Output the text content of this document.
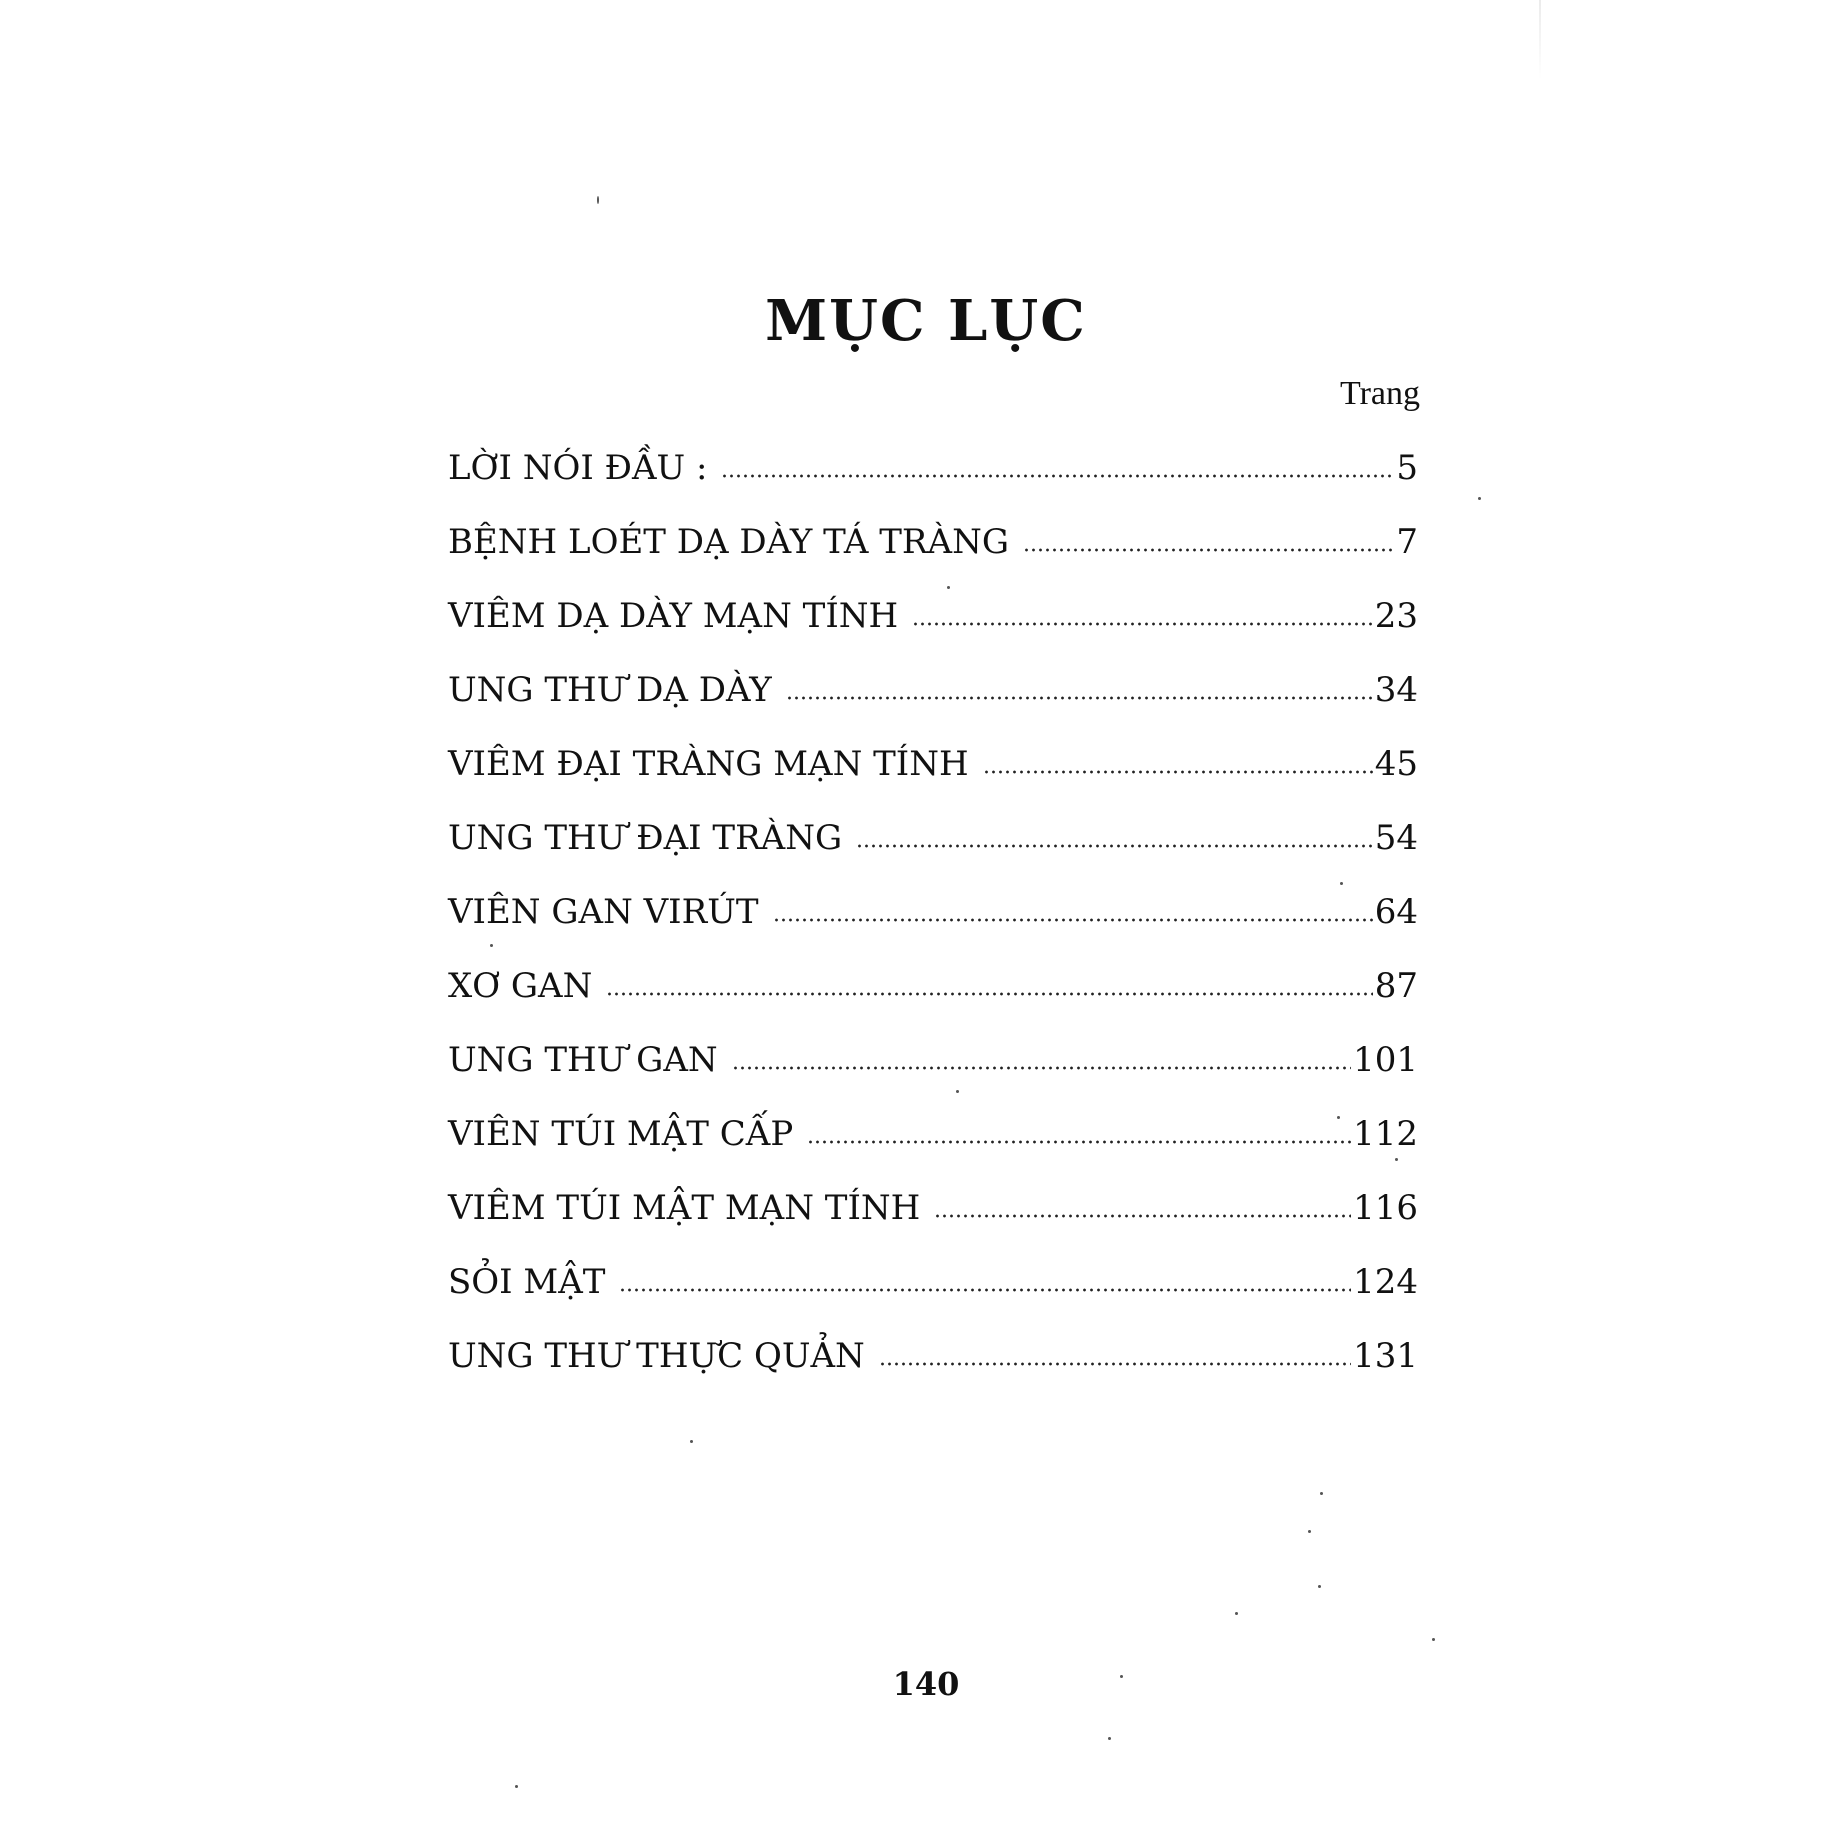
MỤC LỤC
Trang
LỜI NÓI ĐẦU :	5
BỆNH LOÉT DẠ DÀY TÁ TRÀNG	7
VIÊM DẠ DÀY MẠN TÍNH	23
UNG THƯ DẠ DÀY	34
VIÊM ĐẠI TRÀNG MẠN TÍNH	45
UNG THƯ ĐẠI TRÀNG	54
VIÊN GAN VIRÚT	64
XƠ GAN	87
UNG THƯ GAN	101
VIÊN TÚI MẬT CẤP	112
VIÊM TÚI MẬT MẠN TÍNH	116
SỎI MẬT	124
UNG THƯ THỰC QUẢN	131
140
